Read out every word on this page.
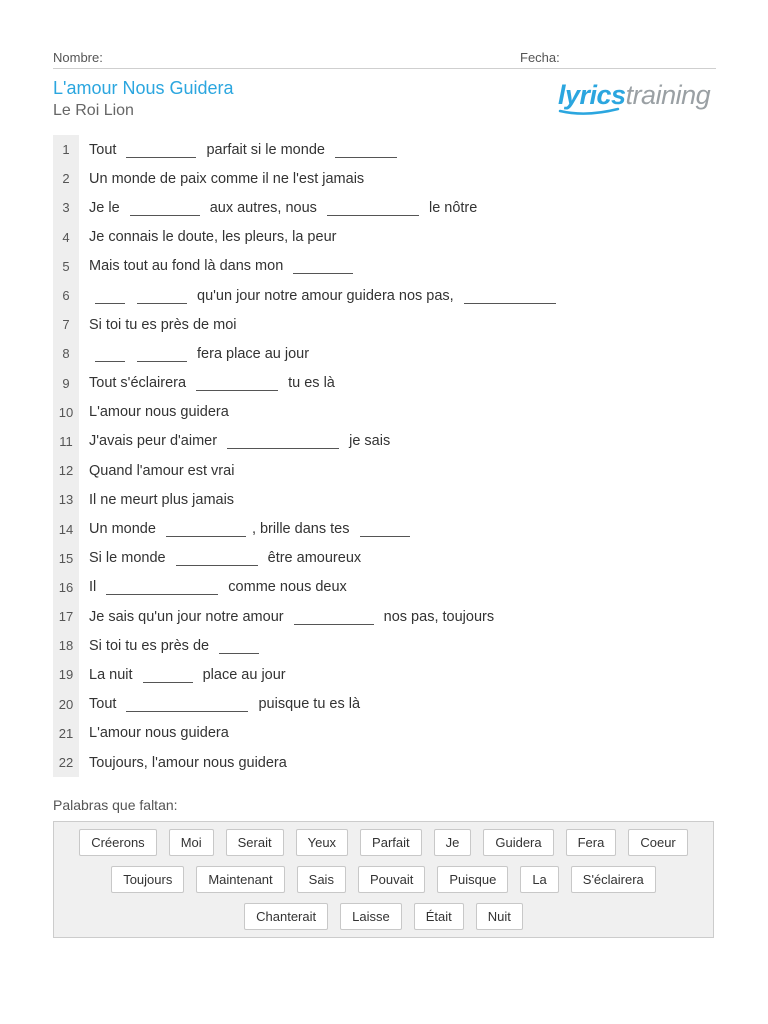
Nombre:	Fecha:
L'amour Nous Guidera
Le Roi Lion
lyricstraining
1	Tout	parfait si le monde
2	Un monde de paix comme il ne l'est jamais
3	Je le	aux autres, nous	le nôtre
4	Je connais le doute, les pleurs, la peur
5	Mais tout au fond là dans mon
6	qu'un jour notre amour guidera nos pas,
7	Si toi tu es près de moi
8	fera place au jour
9	Tout s'éclairera	tu es là
10	L'amour nous guidera
11	J'avais peur d'aimer	je sais
12	Quand l'amour est vrai
13	Il ne meurt plus jamais
14	Un monde	, brille dans tes
15	Si le monde	être amoureux
16	Il	comme nous deux
17	Je sais qu'un jour notre amour	nos pas, toujours
18	Si toi tu es près de
19	La nuit	place au jour
20	Tout	puisque tu es là
21	L'amour nous guidera
22	Toujours, l'amour nous guidera
Palabras que faltan:
Créerons	Moi	Serait	Yeux	Parfait	Je	Guidera	Fera	Coeur
Toujours	Maintenant	Sais	Pouvait	Puisque	La	S'éclairera
Chanterait	Laisse	Était	Nuit
